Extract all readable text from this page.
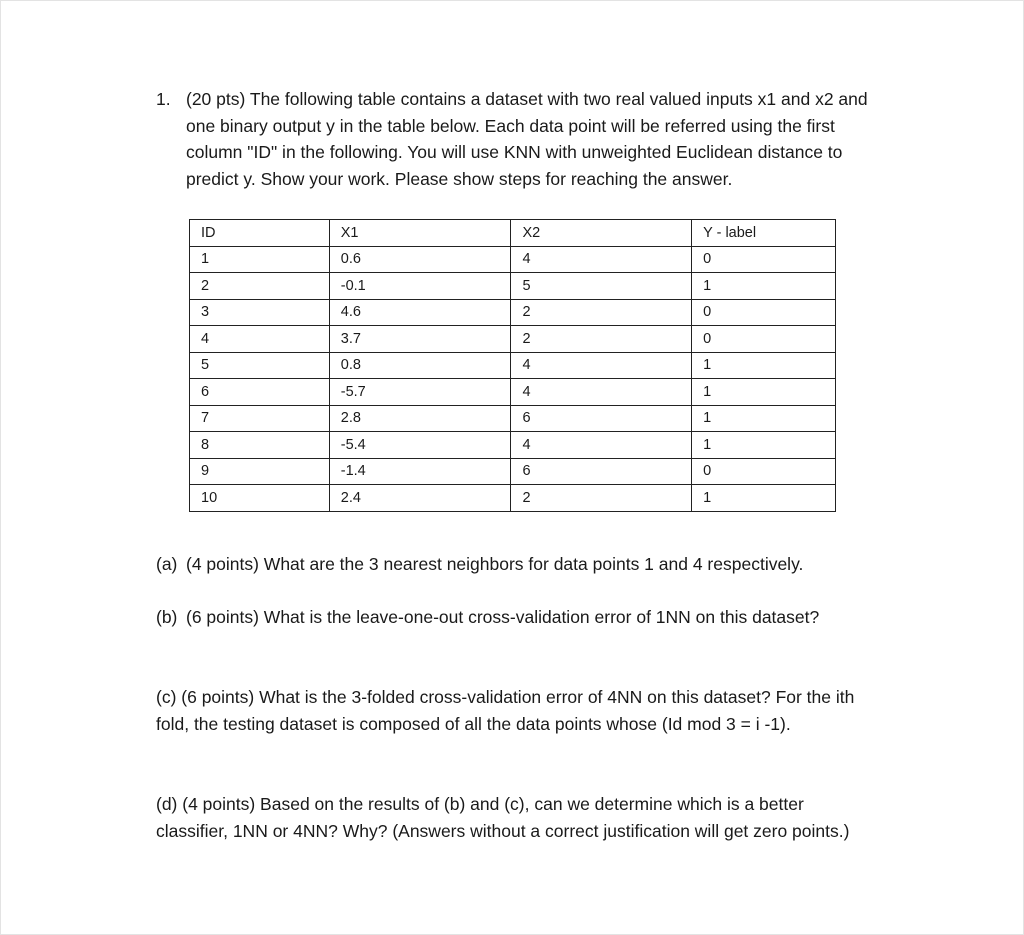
1. (20 pts) The following table contains a dataset with two real valued inputs x1 and x2 and one binary output y in the table below. Each data point will be referred using the first column "ID" in the following. You will use KNN with unweighted Euclidean distance to predict y. Show your work. Please show steps for reaching the answer.
ID	X1	X2	Y - label
1	0.6	4	0
2	-0.1	5	1
3	4.6	2	0
4	3.7	2	0
5	0.8	4	1
6	-5.7	4	1
7	2.8	6	1
8	-5.4	4	1
9	-1.4	6	0
10	2.4	2	1
(a) (4 points) What are the 3 nearest neighbors for data points 1 and 4 respectively.
(b) (6 points) What is the leave-one-out cross-validation error of 1NN on this dataset?
(c) (6 points) What is the 3-folded cross-validation error of 4NN on this dataset? For the ith fold, the testing dataset is composed of all the data points whose (Id mod 3 = i -1).
(d) (4 points) Based on the results of (b) and (c), can we determine which is a better classifier, 1NN or 4NN? Why? (Answers without a correct justification will get zero points.)
